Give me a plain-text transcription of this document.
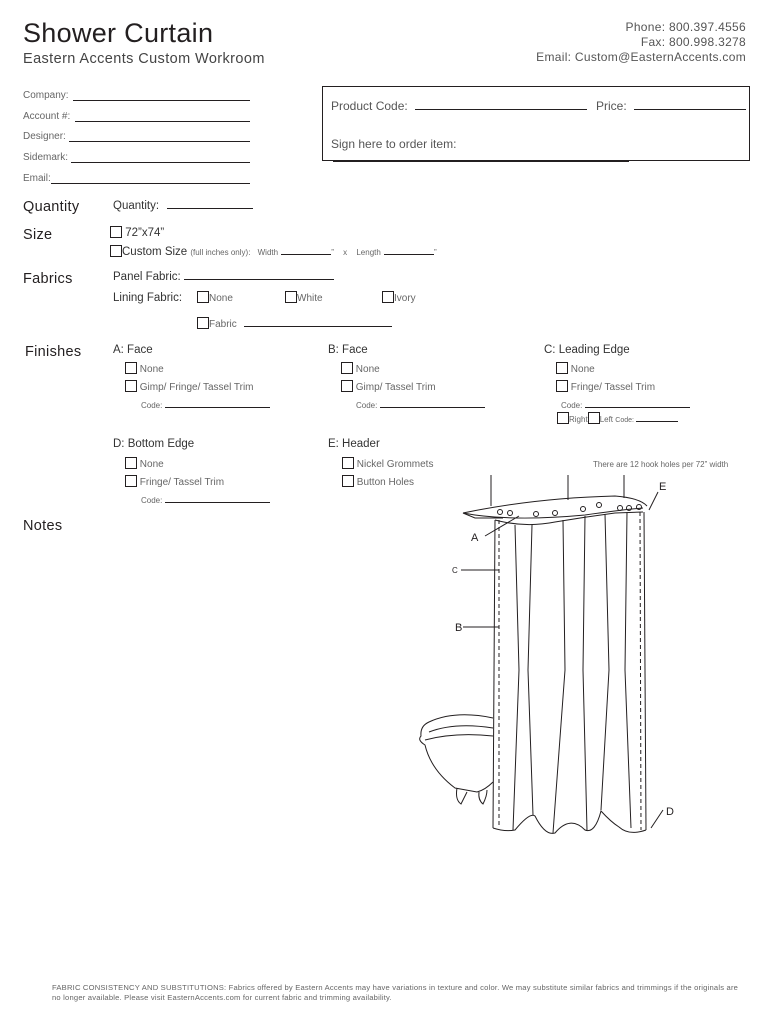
Shower Curtain
Eastern Accents Custom Workroom
Phone: 800.397.4556
Fax: 800.998.3278
Email: Custom@EasternAccents.com
Company:
Account #:
Designer:
Sidemark:
Email:
Product Code:	Price:
Sign here to order item:
Quantity	Quantity:
Size	72”x74”
Custom Size (full inches only): Width	” x Length	”
Fabrics	Panel Fabric:
Lining Fabric:	None	White	Ivory
Fabric
Finishes	A: Face
None
Gimp/ Fringe/ Tassel Trim
Code:
B: Face
None
Gimp/ Tassel Trim
Code:
C: Leading Edge
None
Fringe/ Tassel Trim
Code:
Right Left Code:
D: Bottom Edge
None
Fringe/ Tassel Trim
Code:
E: Header
Nickel Grommets
Button Holes
Notes
There are 12 hook holes per 72” width
A
C
B
D
E
FABRIC CONSISTENCY AND SUBSTITUTIONS: Fabrics offered by Eastern Accents may have variations in texture and color. We may substitute similar fabrics and trimmings if the originals are no longer available. Please visit EasternAccents.com for current fabric and trimming availability.
